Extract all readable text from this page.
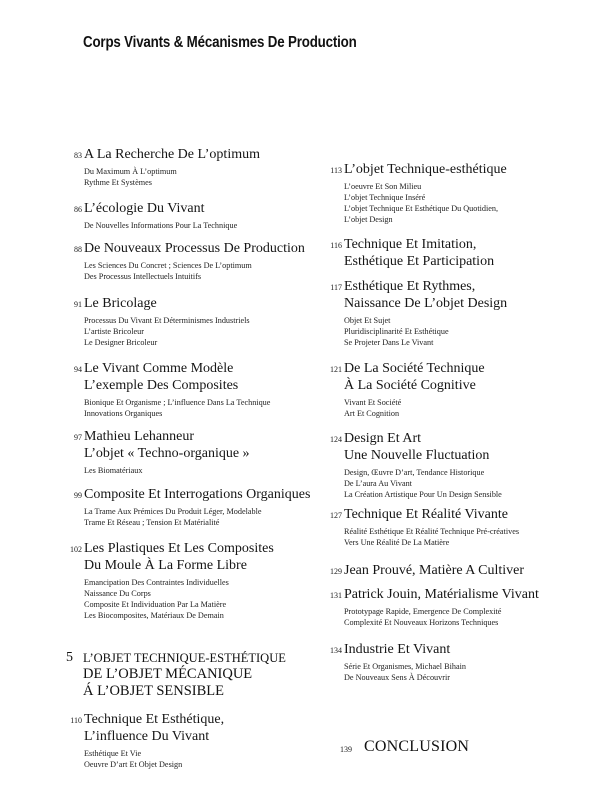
Corps Vivants & Mécanismes De Production
83 A La Recherche De L’optimum
Du Maximum À L’optimum
Rythme Et Systèmes
86 L’écologie Du Vivant
De Nouvelles Informations Pour La Technique
88 De Nouveaux Processus De Production
Les Sciences Du Concret ; Sciences De L’optimum
Des Processus Intellectuels Intuitifs
91 Le Bricolage
Processus Du Vivant Et Déterminismes Industriels
L’artiste Bricoleur
Le Designer Bricoleur
94 Le Vivant Comme Modèle
L’exemple Des Composites
Bionique Et Organisme ; L’influence Dans La Technique
Innovations Organiques
97 Mathieu Lehanneur
L’objet « Techno-organique »
Les Biomatériaux
99 Composite Et Interrogations Organiques
La Trame Aux Prémices Du Produit Léger, Modelable
Trame Et Réseau ; Tension Et Matérialité
102 Les Plastiques Et Les Composites
Du Moule À La Forme Libre
Emancipation Des Contraintes Individuelles
Naissance Du Corps
Composite Et Individuation Par La Matière
Les Biocomposites, Matériaux De Demain
110 Technique Et Esthétique,
L’influence Du Vivant
Esthétique Et Vie
Oeuvre D’art Et Objet Design
113 L’objet Technique-esthétique
L’oeuvre Et Son Milieu
L’objet Technique Inséré
L’objet Technique Et Esthétique Du Quotidien,
L’objet Design
116 Technique Et Imitation,
Esthétique Et Participation
117 Esthétique Et Rythmes,
Naissance De L’objet Design
Objet Et Sujet
Pluridisciplinarité Et Esthétique
Se Projeter Dans Le Vivant
121 De La Société Technique
À La Société Cognitive
Vivant Et Société
Art Et Cognition
124 Design Et Art
Une Nouvelle Fluctuation
Design, Œuvre D’art, Tendance Historique
De L’aura Au Vivant
La Création Artistique Pour Un Design Sensible
127 Technique Et Réalité Vivante
Réalité Esthétique Et Réalité Technique Pré-créatives
Vers Une Réalité De La Matière
129 Jean Prouvé, Matière A Cultiver
131 Patrick Jouin, Matérialisme Vivant
Prototypage Rapide, Emergence De Complexité
Complexité Et Nouveaux Horizons Techniques
134 Industrie Et Vivant
Série Et Organismes, Michael Bihain
De Nouveaux Sens À Découvrir
5 L’OBJET TECHNIQUE-ESTHÉTIQUE
DE L’OBJET MÉCANIQUE
Á L’OBJET SENSIBLE
139 CONCLUSION
